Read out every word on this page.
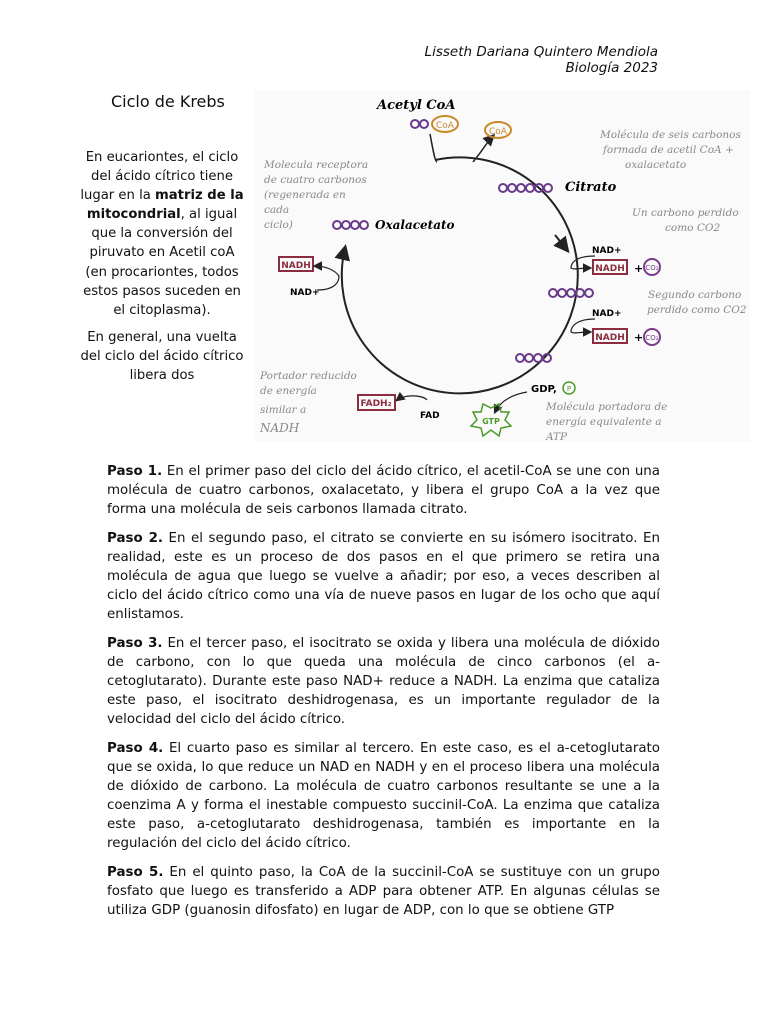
Lisseth Dariana Quintero Mendiola
Biología 2023
Ciclo de Krebs

En eucariontes, el ciclo del ácido cítrico tiene lugar en la matriz de la mitocondrial, al igual que la conversión del piruvato en Acetil coA (en procariontes, todos estos pasos suceden en el citoplasma).

En general, una vuelta del ciclo del ácido cítrico libera dos

Acetyl CoA
CoA
CoA
Citrato
Oxalacetato
NAD+
NADH + CO₂
NAD+
NADH + CO₂
GDP, P
GTP
FAD
FADH₂
NADH
NAD+
Molécula de seis carbonos
formada de acetil CoA +
oxalacetato
Un carbono perdido
como CO2
Segundo carbono
perdido como CO2
Molecula receptora
de cuatro carbonos
(regenerada en
cada
ciclo)
Portador reducido
de energía
similar a
NADH
Molécula portadora de
energía equivalente a
ATP

Paso 1. En el primer paso del ciclo del ácido cítrico, el acetil-CoA se une con una molécula de cuatro carbonos, oxalacetato, y libera el grupo CoA a la vez que forma una molécula de seis carbonos llamada citrato.

Paso 2. En el segundo paso, el citrato se convierte en su isómero isocitrato. En realidad, este es un proceso de dos pasos en el que primero se retira una molécula de agua que luego se vuelve a añadir; por eso, a veces describen al ciclo del ácido cítrico como una vía de nueve pasos en lugar de los ocho que aquí enlistamos.

Paso 3. En el tercer paso, el isocitrato se oxida y libera una molécula de dióxido de carbono, con lo que queda una molécula de cinco carbonos (el a-cetoglutarato). Durante este paso NAD+ reduce a NADH. La enzima que cataliza este paso, el isocitrato deshidrogenasa, es un importante regulador de la velocidad del ciclo del ácido cítrico.

Paso 4. El cuarto paso es similar al tercero. En este caso, es el a-cetoglutarato que se oxida, lo que reduce un NAD en NADH y en el proceso libera una molécula de dióxido de carbono. La molécula de cuatro carbonos resultante se une a la coenzima A y forma el inestable compuesto succinil-CoA. La enzima que cataliza este paso, a-cetoglutarato deshidrogenasa, también es importante en la regulación del ciclo del ácido cítrico.

Paso 5. En el quinto paso, la CoA de la succinil-CoA se sustituye con un grupo fosfato que luego es transferido a ADP para obtener ATP. En algunas células se utiliza GDP (guanosin difosfato) en lugar de ADP, con lo que se obtiene GTP
